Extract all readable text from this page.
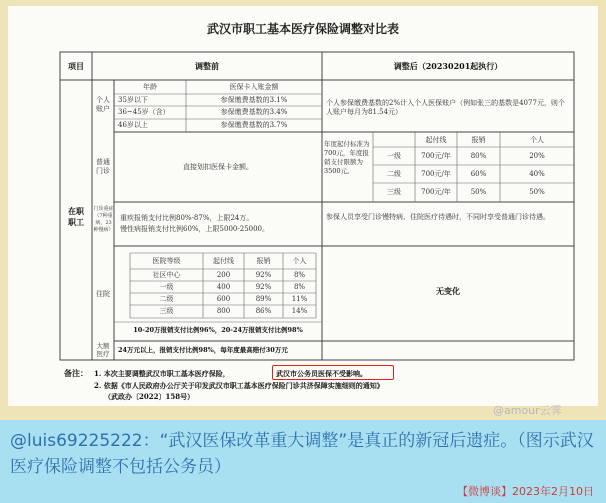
武汉市职工基本医疗保险调整对比表
项目	调整前	调整后（20230201起执行）
在职
职工
个人
账户
年龄	医保卡入账金额
35岁以下	参保缴费基数的3.1%
36~45岁（含）	参保缴费基数的3.4%
46岁以上	参保缴费基数的3.7%
个人参保缴费基数的2%计入个人医保账户（例如张三的基数是4077元，则个人账户每月为81.54元）
普通
门诊	直接划扣医保卡金额。
年度起付标准为700元，年度报销支付限额为3500元。
起付线	报销	个人
一级	700元/年	80%	20%
二级	700元/年	60%	40%
三级	700元/年	50%	50%
门诊重症（7种重病，23种慢病）
重疾报销支付比例80%-87%，上限24万。
慢性病报销支付比例60%，上限5000-25000。
参保人员享受门诊慢特病、住院医疗待遇时，不同时享受普通门诊待遇。
住院
医院等级	起付线	报销	个人
社区中心	200	92%	8%
一级	400	92%	8%
二级	600	89%	11%
三级	800	86%	14%
10-20万报销支付比例96%，20-24万报销支付比例98%
无变化
大额
医疗	24万元以上，报销支付比例98%，每年度最高赔付30万元
备注： 1. 本次主要调整武汉市职工基本医疗保险，	武汉市公务员医保不受影响。
2. 依据《市人民政府办公厅关于印发武汉市职工基本医疗保险门诊共济保障实施细则的通知》
（武政办〔2022〕158号）
@amour云霁
@luis69225222：“武汉医保改革重大调整”是真正的新冠后遗症。（图示武汉医疗保险调整不包括公务员）
【微博谈】2023年2月10日
